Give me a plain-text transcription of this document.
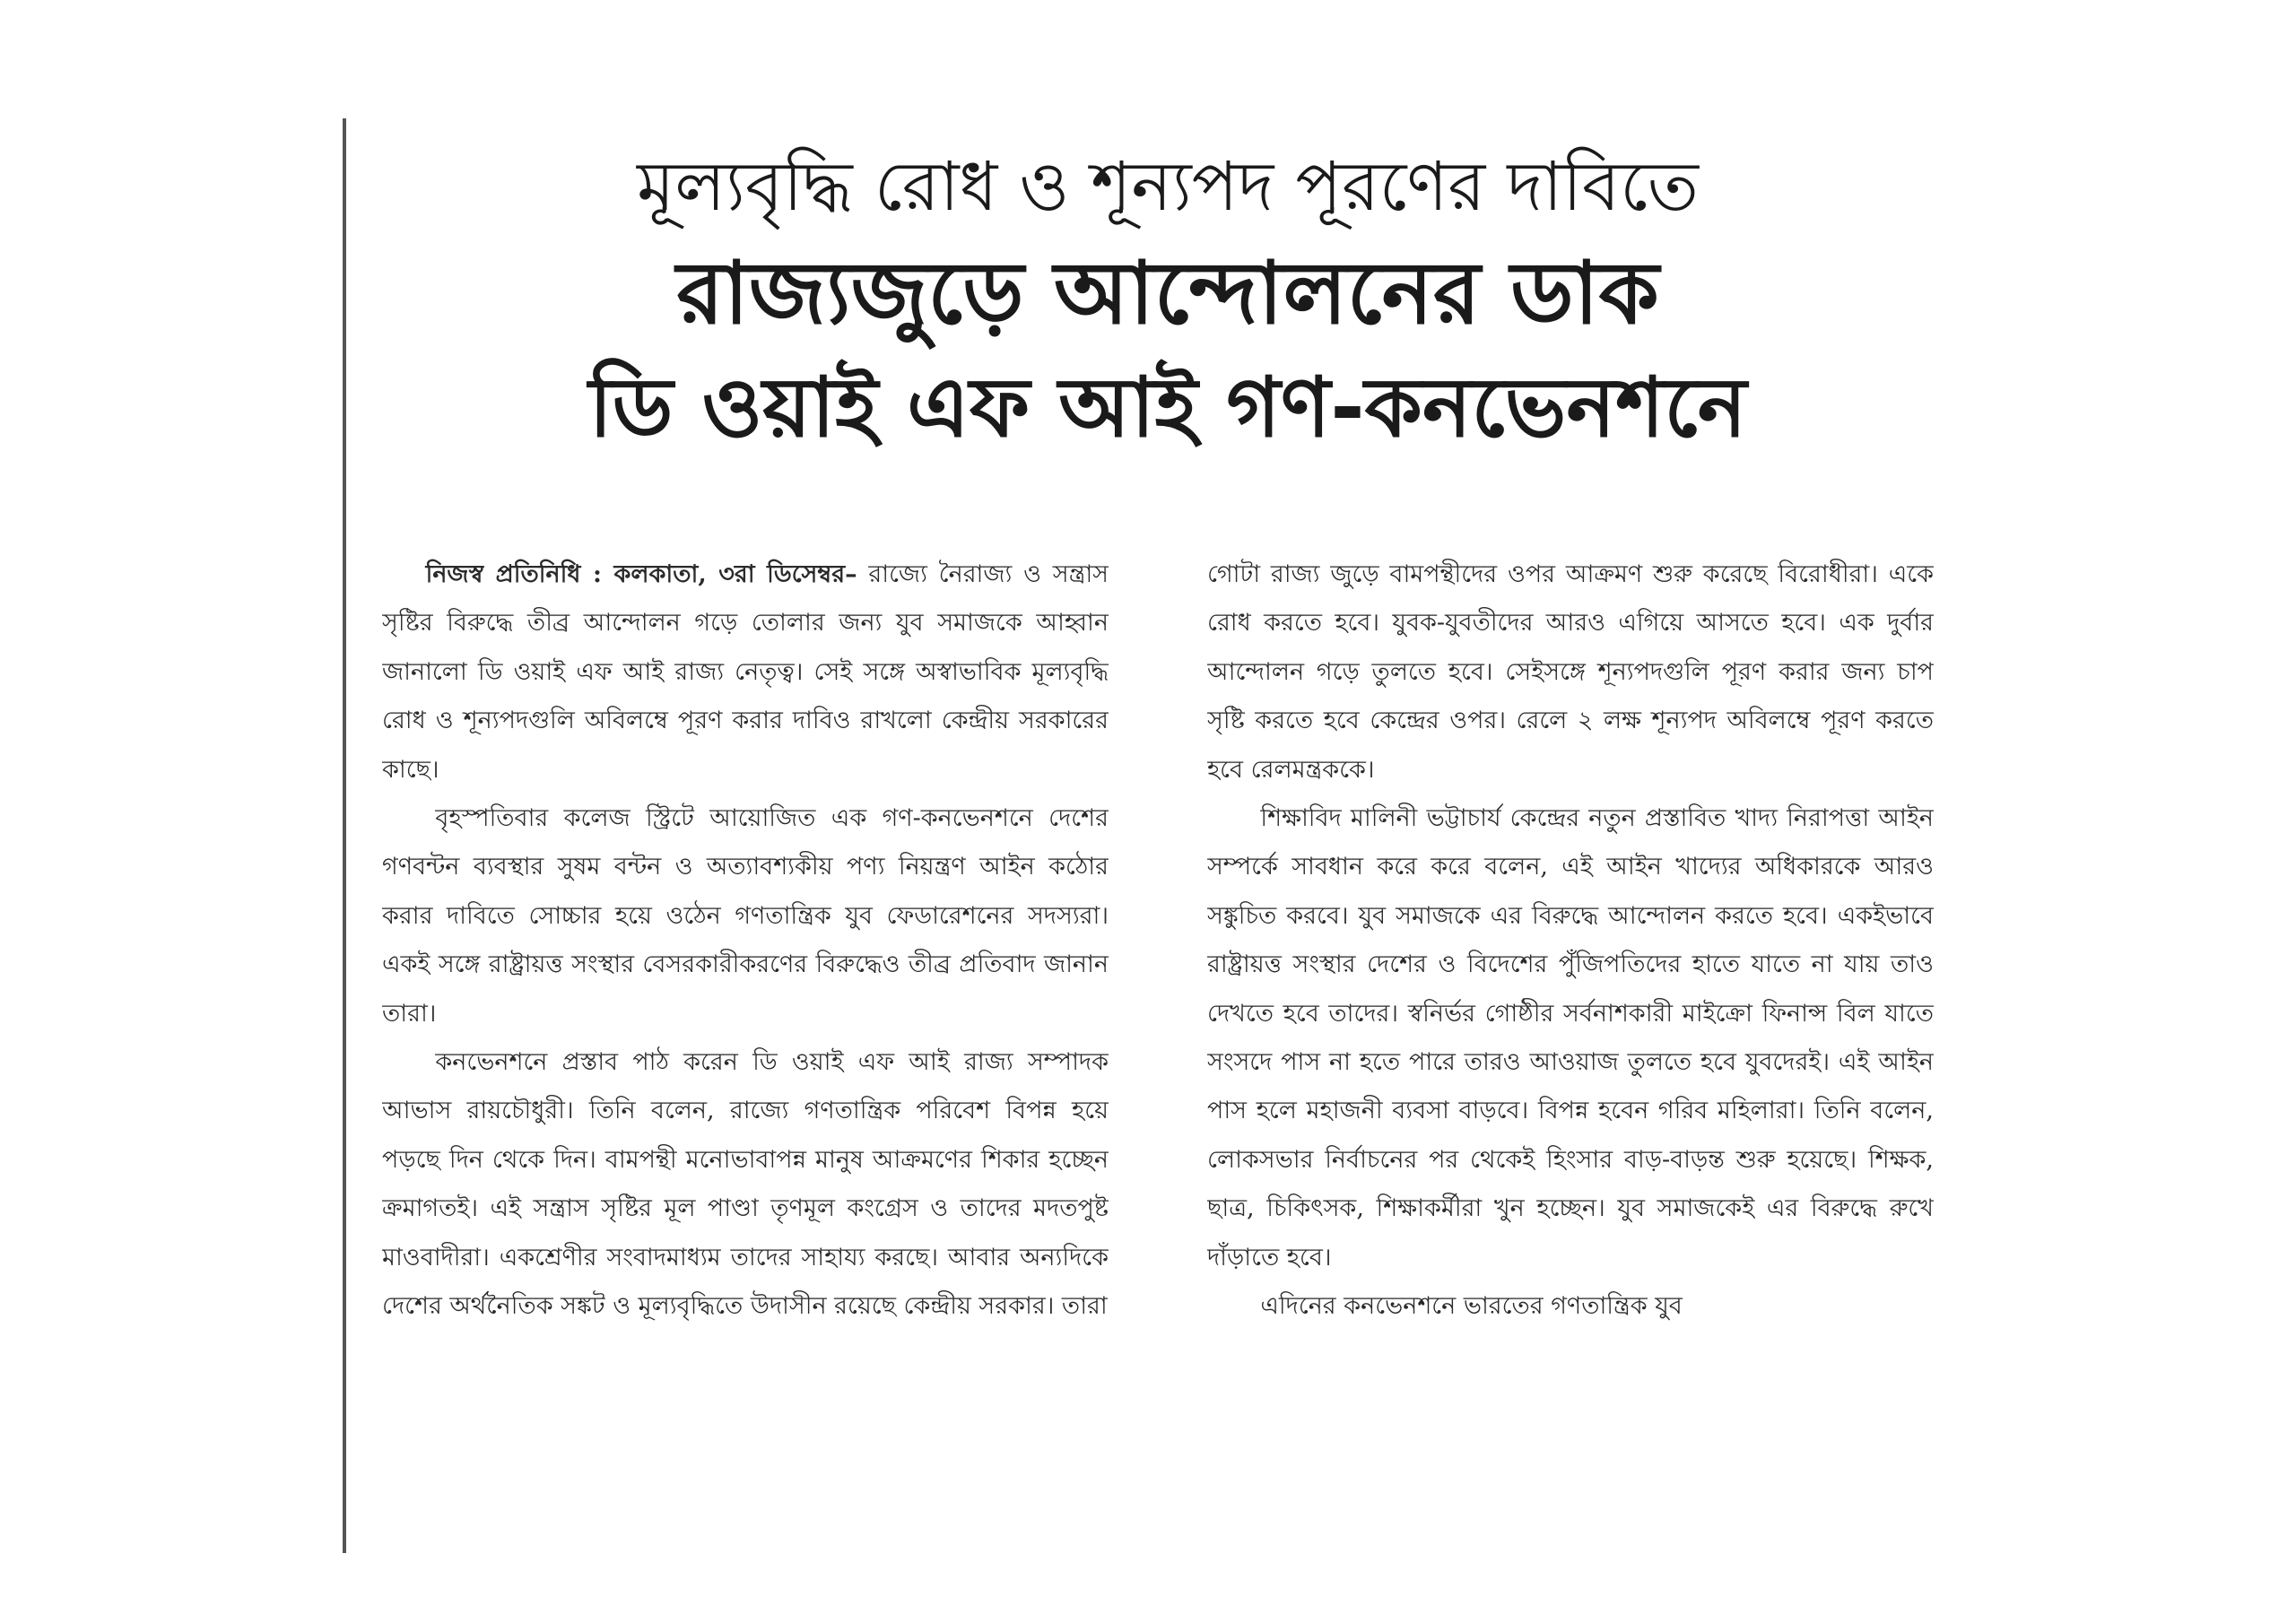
মূল্যবৃদ্ধি রোধ ও শূন্যপদ পূরণের দাবিতে
রাজ্যজুড়ে আন্দোলনের ডাক
ডি ওয়াই এফ আই গণ-কনভেনশনে

নিজস্ব প্রতিনিধি : কলকাতা, ৩রা ডিসেম্বর– রাজ্যে নৈরাজ্য ও সন্ত্রাস সৃষ্টির বিরুদ্ধে তীব্র আন্দোলন গড়ে তোলার জন্য যুব সমাজকে আহ্বান জানালো ডি ওয়াই এফ আই রাজ্য নেতৃত্ব। সেই সঙ্গে অস্বাভাবিক মূল্যবৃদ্ধি রোধ ও শূন্যপদগুলি অবিলম্বে পূরণ করার দাবিও রাখলো কেন্দ্রীয় সরকারের কাছে।

বৃহস্পতিবার কলেজ স্ট্রিটে আয়োজিত এক গণ-কনভেনশনে দেশের গণবন্টন ব্যবস্থার সুষম বন্টন ও অত্যাবশ্যকীয় পণ্য নিয়ন্ত্রণ আইন কঠোর করার দাবিতে সোচ্চার হয়ে ওঠেন গণতান্ত্রিক যুব ফেডারেশনের সদস্যরা। একই সঙ্গে রাষ্ট্রায়ত্ত সংস্থার বেসরকারীকরণের বিরুদ্ধেও তীব্র প্রতিবাদ জানান তারা।

কনভেনশনে প্রস্তাব পাঠ করেন ডি ওয়াই এফ আই রাজ্য সম্পাদক আভাস রায়চৌধুরী। তিনি বলেন, রাজ্যে গণতান্ত্রিক পরিবেশ বিপন্ন হয়ে পড়ছে দিন থেকে দিন। বামপন্থী মনোভাবাপন্ন মানুষ আক্রমণের শিকার হচ্ছেন ক্রমাগতই। এই সন্ত্রাস সৃষ্টির মূল পাণ্ডা তৃণমূল কংগ্রেস ও তাদের মদতপুষ্ট মাওবাদীরা। একশ্রেণীর সংবাদমাধ্যম তাদের সাহায্য করছে। আবার অন্যদিকে দেশের অর্থনৈতিক সঙ্কট ও মূল্যবৃদ্ধিতে উদাসীন রয়েছে কেন্দ্রীয় সরকার। তারা

গোটা রাজ্য জুড়ে বামপন্থীদের ওপর আক্রমণ শুরু করেছে বিরোধীরা। একে রোধ করতে হবে। যুবক-যুবতীদের আরও এগিয়ে আসতে হবে। এক দুর্বার আন্দোলন গড়ে তুলতে হবে। সেইসঙ্গে শূন্যপদগুলি পূরণ করার জন্য চাপ সৃষ্টি করতে হবে কেন্দ্রের ওপর। রেলে ২ লক্ষ শূন্যপদ অবিলম্বে পূরণ করতে হবে রেলমন্ত্রককে।

শিক্ষাবিদ মালিনী ভট্টাচার্য কেন্দ্রের নতুন প্রস্তাবিত খাদ্য নিরাপত্তা আইন সম্পর্কে সাবধান করে করে বলেন, এই আইন খাদ্যের অধিকারকে আরও সঙ্কুচিত করবে। যুব সমাজকে এর বিরুদ্ধে আন্দোলন করতে হবে। একইভাবে রাষ্ট্রায়ত্ত সংস্থার দেশের ও বিদেশের পুঁজিপতিদের হাতে যাতে না যায় তাও দেখতে হবে তাদের। স্বনির্ভর গোষ্ঠীর সর্বনাশকারী মাইক্রো ফিনান্স বিল যাতে সংসদে পাস না হতে পারে তারও আওয়াজ তুলতে হবে যুবদেরই। এই আইন পাস হলে মহাজনী ব্যবসা বাড়বে। বিপন্ন হবেন গরিব মহিলারা। তিনি বলেন, লোকসভার নির্বাচনের পর থেকেই হিংসার বাড়-বাড়ন্ত শুরু হয়েছে। শিক্ষক, ছাত্র, চিকিৎসক, শিক্ষাকর্মীরা খুন হচ্ছেন। যুব সমাজকেই এর বিরুদ্ধে রুখে দাঁড়াতে হবে।

এদিনের কনভেনশনে ভারতের গণতান্ত্রিক যুব
